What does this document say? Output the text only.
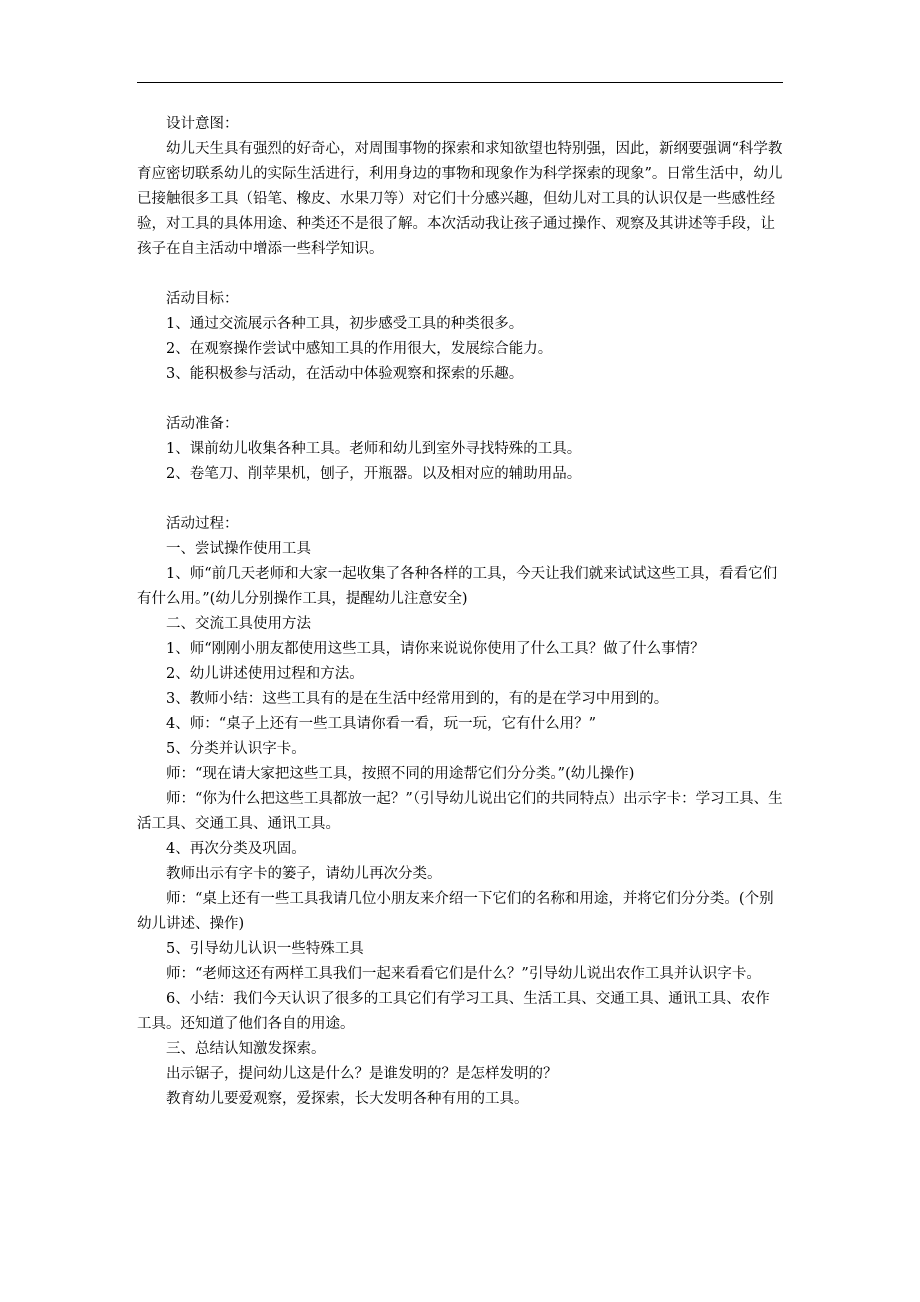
设计意图：

幼儿天生具有强烈的好奇心，对周围事物的探索和求知欲望也特别强，因此，新纲要强调“科学教育应密切联系幼儿的实际生活进行，利用身边的事物和现象作为科学探索的现象”。日常生活中，幼儿已接触很多工具（铅笔、橡皮、水果刀等）对它们十分感兴趣，但幼儿对工具的认识仅是一些感性经验，对工具的具体用途、种类还不是很了解。本次活动我让孩子通过操作、观察及其讲述等手段，让孩子在自主活动中增添一些科学知识。

活动目标：

1、通过交流展示各种工具，初步感受工具的种类很多。

2、在观察操作尝试中感知工具的作用很大，发展综合能力。

3、能积极参与活动，在活动中体验观察和探索的乐趣。

活动准备：

1、课前幼儿收集各种工具。老师和幼儿到室外寻找特殊的工具。

2、卷笔刀、削苹果机，刨子，开瓶器。以及相对应的辅助用品。

活动过程：

一、尝试操作使用工具

1、师“前几天老师和大家一起收集了各种各样的工具，今天让我们就来试试这些工具，看看它们有什么用。”(幼儿分别操作工具，提醒幼儿注意安全)

二、交流工具使用方法

1、师“刚刚小朋友都使用这些工具，请你来说说你使用了什么工具？做了什么事情？

2、幼儿讲述使用过程和方法。

3、教师小结：这些工具有的是在生活中经常用到的，有的是在学习中用到的。

4、师：“桌子上还有一些工具请你看一看，玩一玩，它有什么用？”

5、分类并认识字卡。

师：“现在请大家把这些工具，按照不同的用途帮它们分分类。”(幼儿操作)

师：“你为什么把这些工具都放一起？”（引导幼儿说出它们的共同特点）出示字卡：学习工具、生活工具、交通工具、通讯工具。

4、再次分类及巩固。

教师出示有字卡的篓子，请幼儿再次分类。

师：“桌上还有一些工具我请几位小朋友来介绍一下它们的名称和用途，并将它们分分类。(个别幼儿讲述、操作)

5、引导幼儿认识一些特殊工具

师：“老师这还有两样工具我们一起来看看它们是什么？”引导幼儿说出农作工具并认识字卡。

6、小结：我们今天认识了很多的工具它们有学习工具、生活工具、交通工具、通讯工具、农作工具。还知道了他们各自的用途。

三、总结认知激发探索。

出示锯子，提问幼儿这是什么？是谁发明的？是怎样发明的？

教育幼儿要爱观察，爱探索，长大发明各种有用的工具。
